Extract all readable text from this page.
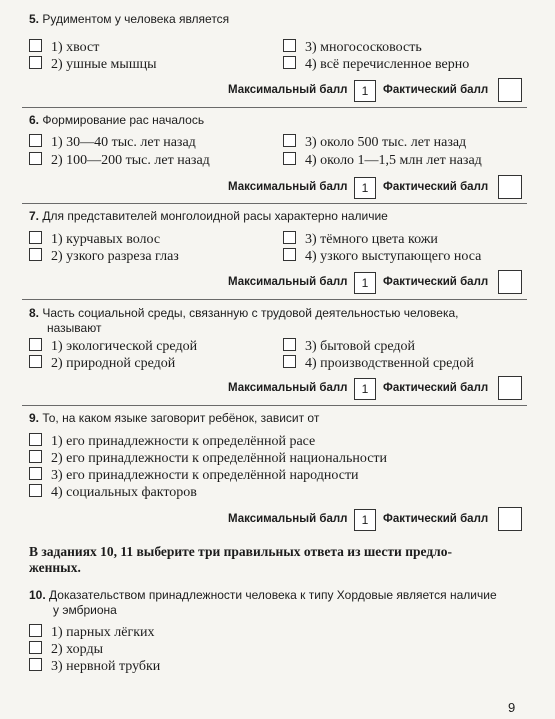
5. Рудиментом у человека является
1) хвост
2) ушные мышцы
3) многососковость
4) всё перечисленное верно
Максимальный балл	1	Фактический балл
6. Формирование рас началось
1) 30—40 тыс. лет назад
2) 100—200 тыс. лет назад
3) около 500 тыс. лет назад
4) около 1—1,5 млн лет назад
Максимальный балл	1	Фактический балл
7. Для представителей монголоидной расы характерно наличие
1) курчавых волос
2) узкого разреза глаз
3) тёмного цвета кожи
4) узкого выступающего носа
Максимальный балл	1	Фактический балл
8. Часть социальной среды, связанную с трудовой деятельностью человека,
называют
1) экологической средой
2) природной средой
3) бытовой средой
4) производственной средой
Максимальный балл	1	Фактический балл
9. То, на каком языке заговорит ребёнок, зависит от
1) его принадлежности к определённой расе
2) его принадлежности к определённой национальности
3) его принадлежности к определённой народности
4) социальных факторов
Максимальный балл	1	Фактический балл
В заданиях 10, 11 выберите три правильных ответа из шести предло-
женных.
10. Доказательством принадлежности человека к типу Хордовые является наличие
у эмбриона
1) парных лёгких
2) хорды
3) нервной трубки
9
